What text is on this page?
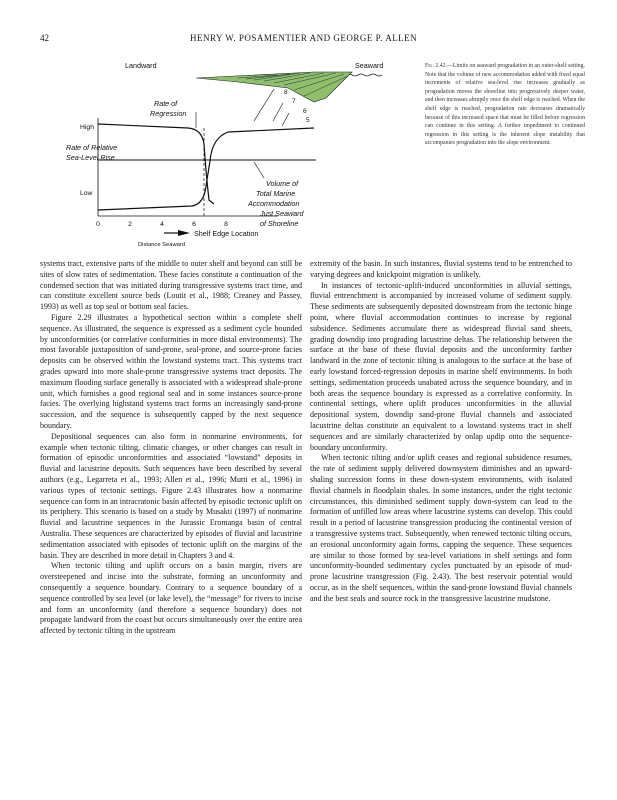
42	HENRY W. POSAMENTIER AND GEORGE P. ALLEN
Landward	Seaward
8
7
6
5
0	2	4	6	8
High
Low
Rate of Relative
Sea-Level Rise
Rate of
Regression
Volume of
Total Marine
Accommodation
Just Seaward
of Shoreline
Shelf Edge Location
Distance Seaward
Fig. 2.42.—Limits on seaward progradation in an outer-shelf setting. Note that the volume of new accommodation added with fixed equal increments of relative sea-level rise increases gradually as progradation moves the shoreline into progressively deeper water, and then increases abruptly once the shelf edge is reached. When the shelf edge is reached, progradation rate decreases dramatically because of this increased space that must be filled before regression can continue in this setting. A further impediment to continued regression in this setting is the inherent slope instability that accompanies progradation into the slope environment.

systems tract, extensive parts of the middle to outer shelf and beyond can still be sites of slow rates of sedimentation. These facies constitute a continuation of the condensed section that was initiated during transgressive systems tract time, and can constitute excellent source beds (Loutit et al., 1988; Creaney and Passey, 1993) as well as top seal or bottom seal facies.

Figure 2.29 illustrates a hypothetical section within a complete shelf sequence. As illustrated, the sequence is expressed as a sediment cycle bounded by unconformities (or correlative conformities in more distal environments). The most favorable juxtaposition of sand-prone, seal-prone, and source-prone facies deposits can be observed within the lowstand systems tract. This systems tract grades upward into more shale-prone transgressive systems tract deposits. The maximum flooding surface generally is associated with a widespread shale-prone unit, which furnishes a good regional seal and in some instances source-prone facies. The overlying highstand systems tract forms an increasingly sand-prone succession, and the sequence is subsequently capped by the next sequence boundary.

Depositional sequences can also form in nonmarine environments, for example when tectonic tilting, climatic changes, or other changes can result in formation of episodic unconformities and associated “lowstand” deposits in fluvial and lacustrine deposits. Such sequences have been described by several authors (e.g., Legarreta et al., 1993; Allen et al., 1996; Mutti et al., 1996) in various types of tectonic settings. Figure 2.43 illustrates how a nonmarine sequence can form in an intracratonic basin affected by episodic tectonic uplift on its periphery. This scenario is based on a study by Musakti (1997) of nonmarine fluvial and lacustrine sequences in the Jurassic Eromanga basin of central Australia. These sequences are characterized by episodes of fluvial and lacustrine sedimentation associated with episodes of tectonic uplift on the margins of the basin. They are described in more detail in Chapters 3 and 4.

When tectonic tilting and uplift occurs on a basin margin, rivers are oversteepened and incise into the substrate, forming an unconformity and consequently a sequence boundary. Contrary to a sequence boundary of a sequence controlled by sea level (or lake level), the “message” for rivers to incise and form an unconformity (and therefore a sequence boundary) does not propagate landward from the coast but occurs simultaneously over the entire area affected by tectonic tilting in the upstream

extremity of the basin. In such instances, fluvial systems tend to be entrenched to varying degrees and knickpoint migration is unlikely.

In instances of tectonic-uplift-induced unconformities in alluvial settings, fluvial entrenchment is accompanied by increased volume of sediment supply. These sediments are subsequently deposited downstream from the tectonic hinge point, where fluvial accommodation continues to increase by regional subsidence. Sediments accumulate there as widespread fluvial sand sheets, grading downdip into prograding lacustrine deltas. The relationship between the surface at the base of these fluvial deposits and the unconformity farther landward in the zone of tectonic tilting is analogous to the surface at the base of early lowstand forced-regression deposits in marine shelf environments. In both settings, sedimentation proceeds unabated across the sequence boundary, and in both areas the sequence boundary is expressed as a correlative conformity. In continental settings, where uplift produces unconformities in the alluvial depositional system, downdip sand-prone fluvial channels and associated lacustrine deltas constitute an equivalent to a lowstand systems tract in shelf sequences and are similarly characterized by onlap updip onto the sequence-boundary unconformity.

When tectonic tilting and/or uplift ceases and regional subsidence resumes, the rate of sediment supply delivered downsystem diminishes and an upward-shaling succession forms in these down-system environments, with isolated fluvial channels in floodplain shales. In some instances, under the right tectonic circumstances, this diminished sediment supply down-system can lead to the formation of unfilled low areas where lacustrine systems can develop. This could result in a period of lacustrine transgression producing the continental version of a transgressive systems tract. Subsequently, when renewed tectonic tilting occurs, an erosional unconformity again forms, capping the sequence. These sequences are similar to those formed by sea-level variations in shelf settings and form unconformity-bounded sedimentary cycles punctuated by an episode of mud-prone lacustrine transgression (Fig. 2.43). The best reservoir potential would occur, as in the shelf sequences, within the sand-prone lowstand fluvial channels and the best seals and source rock in the transgressive lacustrine mudstone.
